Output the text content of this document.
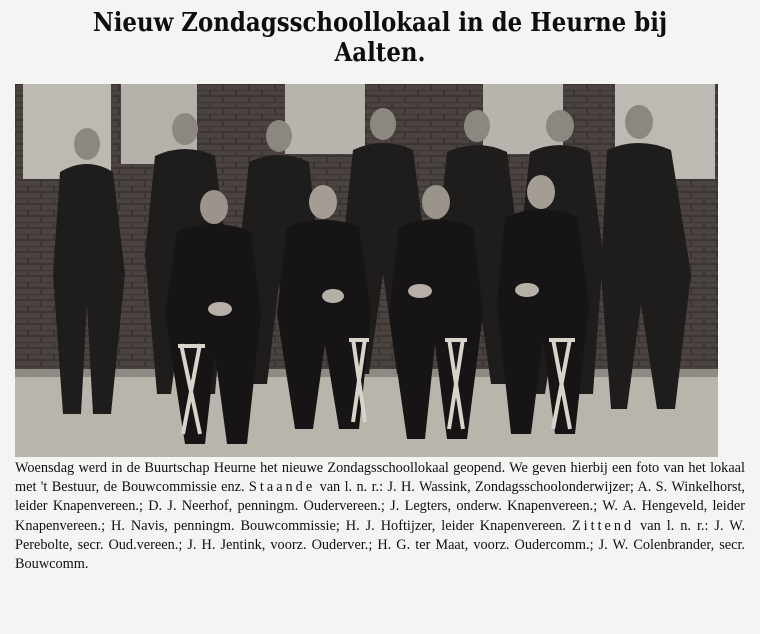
Nieuw Zondagsschoollokaal in de Heurne bij Aalten.

Woensdag werd in de Buurtschap Heurne het nieuwe Zondagsschoollokaal geopend. We geven hierbij een foto van het lokaal met 't Bestuur, de Bouwcommissie enz. Staande van l. n. r.: J. H. Wassink, Zondagsschoolonderwijzer; A. S. Winkelhorst, leider Knapenvereen.; D. J. Neerhof, penningm. Oudervereen.; J. Legters, onderw. Knapenvereen.; W. A. Hengeveld, leider Knapenvereen.; H. Navis, penningm. Bouwcommissie; H. J. Hoftijzer, leider Knapenvereen. Zittend van l. n. r.: J. W. Perebolte, secr. Oud.vereen.; J. H. Jentink, voorz. Ouderver.; H. G. ter Maat, voorz. Oudercomm.; J. W. Colenbrander, secr. Bouwcomm.
